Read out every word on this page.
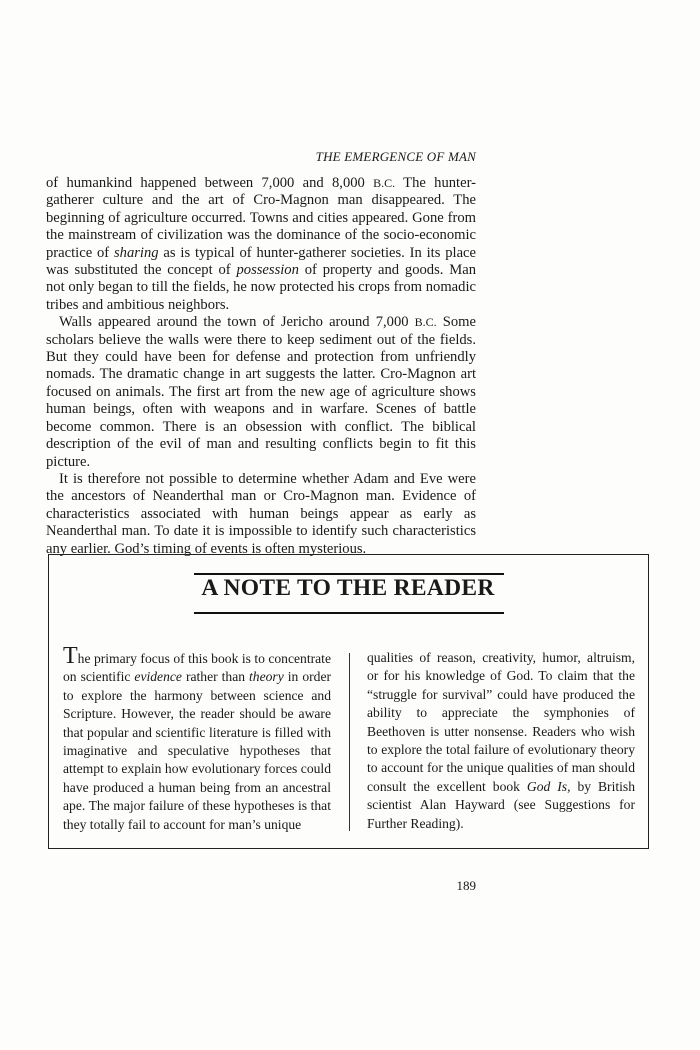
THE EMERGENCE OF MAN

of humankind happened between 7,000 and 8,000 B.C. The hunter-gatherer culture and the art of Cro-Magnon man disappeared. The beginning of agriculture occurred. Towns and cities appeared. Gone from the mainstream of civilization was the dominance of the socio-economic practice of sharing as is typical of hunter-gatherer societies. In its place was substituted the concept of possession of property and goods. Man not only began to till the fields, he now protected his crops from nomadic tribes and ambitious neighbors.

Walls appeared around the town of Jericho around 7,000 B.C. Some scholars believe the walls were there to keep sediment out of the fields. But they could have been for defense and protection from unfriendly nomads. The dramatic change in art suggests the latter. Cro-Magnon art focused on animals. The first art from the new age of agriculture shows human beings, often with weapons and in warfare. Scenes of battle become common. There is an obsession with conflict. The biblical description of the evil of man and resulting conflicts begin to fit this picture.

It is therefore not possible to determine whether Adam and Eve were the ancestors of Neanderthal man or Cro-Magnon man. Evidence of characteristics associated with human beings appear as early as Neanderthal man. To date it is impossible to identify such characteristics any earlier. God’s timing of events is often mysterious.

A NOTE TO THE READER
The primary focus of this book is to concentrate on scientific evidence rather than theory in order to explore the harmony between science and Scripture. However, the reader should be aware that popular and scientific literature is filled with imaginative and speculative hypotheses that attempt to explain how evolutionary forces could have produced a human being from an ancestral ape. The major failure of these hypotheses is that they totally fail to account for man’s unique
qualities of reason, creativity, humor, altruism, or for his knowledge of God. To claim that the “struggle for survival” could have produced the ability to appreciate the symphonies of Beethoven is utter nonsense. Readers who wish to explore the total failure of evolutionary theory to account for the unique qualities of man should consult the excellent book God Is, by British scientist Alan Hayward (see Suggestions for Further Reading).
189
